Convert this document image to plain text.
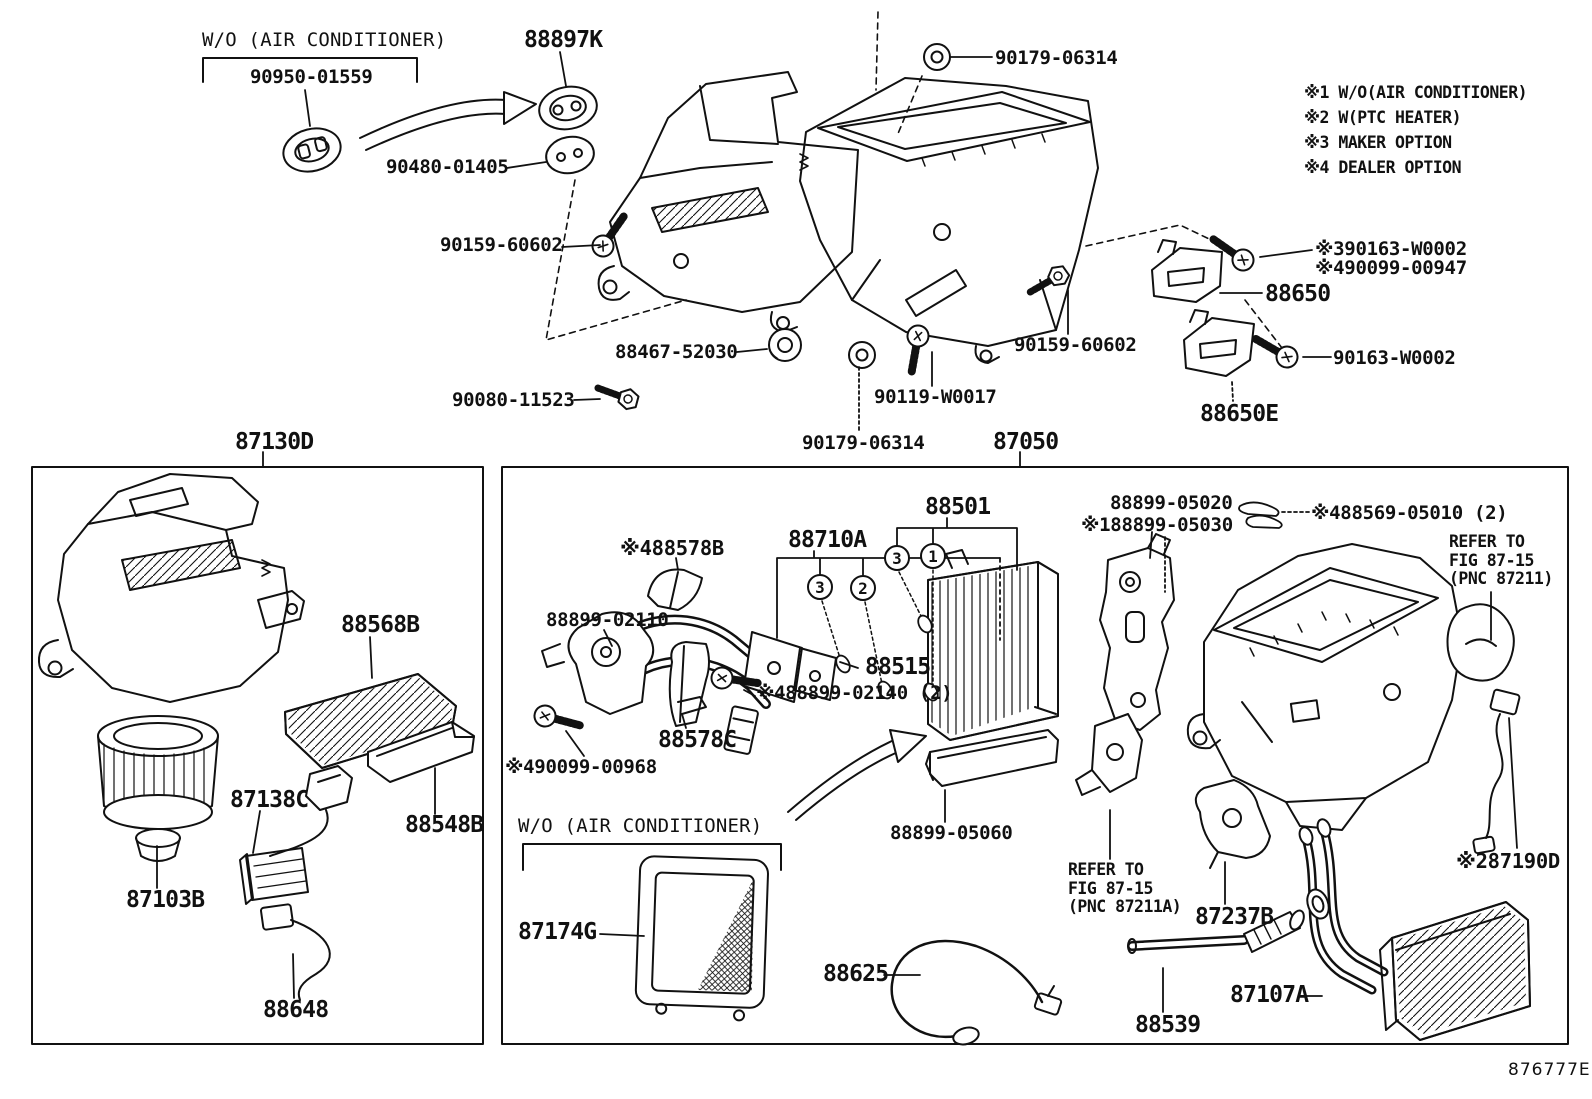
W/O (AIR CONDITIONER)
90950-01559
88897K
90480-01405
90179-06314
※1 W/O(AIR CONDITIONER)
※2 W(PTC HEATER)
※3 MAKER OPTION
※4 DEALER OPTION
90159-60602	※390163-W0002
※490099-00947
88650
88467-52030	90159-60602
90163-W0002
90080-11523	90119-W0017
88650E
90179-06314
87130D	87050
88568B
87138C
88548B
87103B
88648
88501	88899-05020
※188899-05030
※488569-05010 (2)
※488578B	88710A
88899-02110
88515
※488899-02140 (2)
88578C
※490099-00968
W/O (AIR CONDITIONER)
87174G
88899-05060
87237B
※287190D
88625
88539
87107A
REFER TO
FIG 87-15
(PNC 87211)
REFER TO
FIG 87-15
(PNC 87211A)
3	2
3	1
876777E
